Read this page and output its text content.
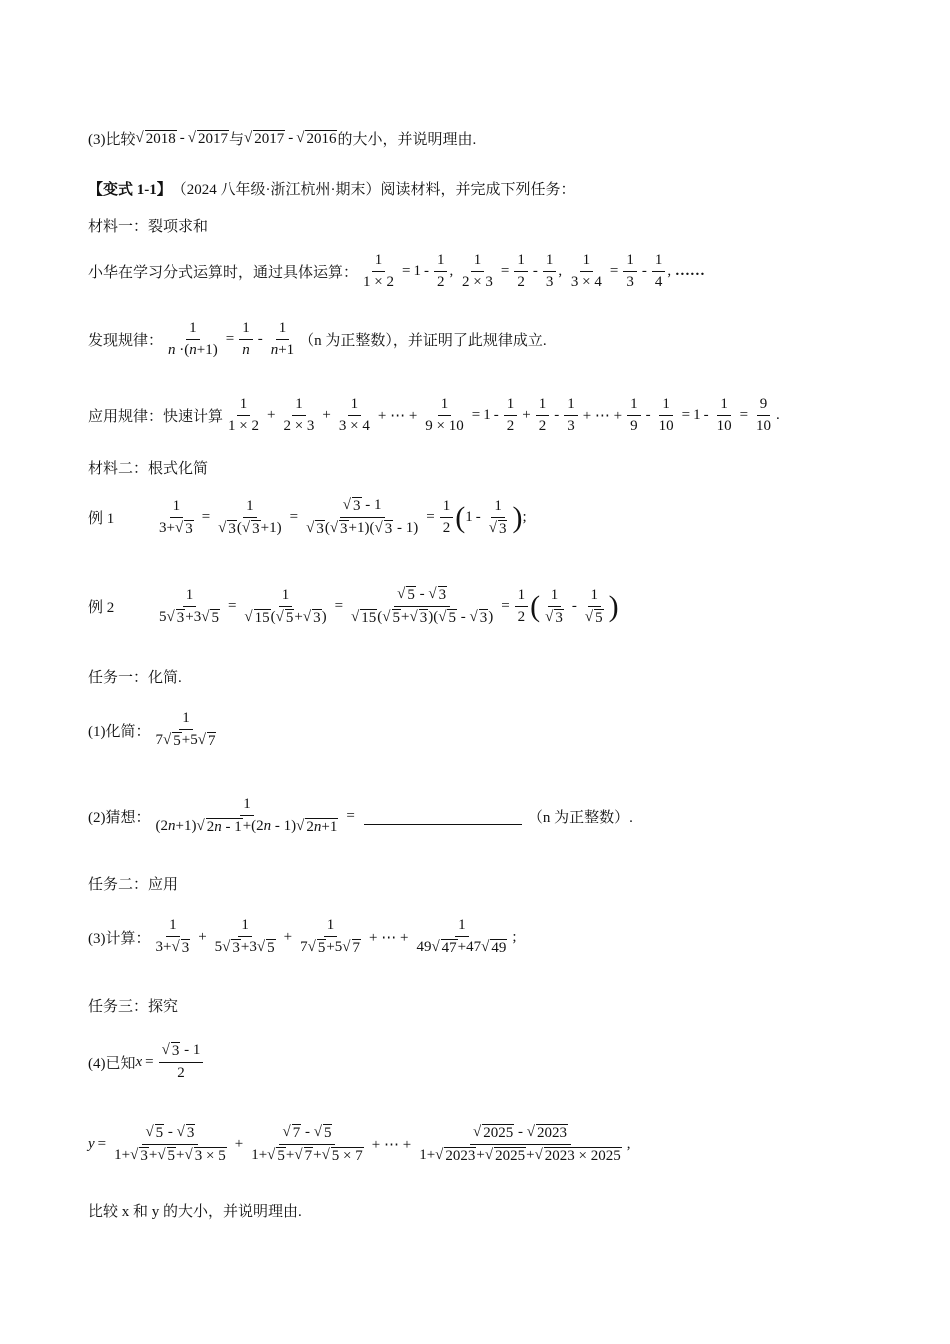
(3)比较 √ 2018 - √ 2017 与 √ 2017 - √ 2016 的大小，并说明理由.
【变式 1-1】 （2024 八年级·浙江杭州·期末）阅读材料，并完成下列任务：
材料一：裂项求和
小华在学习分式运算时，通过具体运算： $\frac{1}{1 \times 2} = 1 - \frac{1}{2}$ , $\frac{1}{2 \times 3} = \frac{1}{2} - \frac{1}{3}$ , $\frac{1}{3 \times 4} = \frac{1}{3} - \frac{1}{4}$ , ……
发现规律： $\frac{1}{n \cdot(n+1)} = \frac{1}{n} - \frac{1}{n+1} (n$ 为正整数），并证明了此规律成立.
应用规律：快速计算 $\frac{1}{1 \times 2} + \frac{1}{2 \times 3} + \frac{1}{3 \times 4}$ + ⋯ + $\frac{1}{9 \times 10} = 1 - \frac{1}{2} + \frac{1}{2} - \frac{1}{3}$ + ⋯ + $\frac{1}{9} - \frac{1}{10} = 1 - \frac{1}{10} = \frac{9}{10}$ .
材料二：根式化简
例 1	$\frac{1}{3+ √ 3} = \frac{1}{√ 3 ( √ 3 +1)} = \frac{√ 3 - 1}{√ 3 ( √ 3 +1)( √ 3 - 1)} = \frac{1}{2}$ ( $1 - \frac{1}{√ 3}$ ) ;
例 2	$\frac{1}{5 √ 3 +3 √ 5} = \frac{1}{√ 15 ( √ 5 + √ 3 )} = \frac{√ 5 - √ 3}{√ 15 ( √ 5 + √ 3 )( √ 5 - √ 3 )} = \frac{1}{2}$ ( $\frac{1}{√ 3} - \frac{1}{√ 5}$ )
任务一：化简.
(1)化简： $\frac{1}{7 √ 5 +5 √ 7}$
(2)猜想： $\frac{1}{(2n+1) √ 2n - 1 +(2n - 1) √ 2n+1}$ =	（n 为正整数）.
任务二：应用
(3)计算： $\frac{1}{3+ √ 3} + \frac{1}{5 √ 3 +3 √ 5} + \frac{1}{7 √ 5 +5 √ 7}$ + ⋯ + $\frac{1}{49 √ 47 +47 √ 49}$ ;
任务三：探究
(4)已知 $x = \frac{√ 3 - 1}{2}$
$y = \frac{√ 5 - √ 3}{1+ √ 3 + √ 5 + √ 3 \times 5} + \frac{√ 7 - √ 5}{1+ √ 5 + √ 7 + √ 5 \times 7}$ + ⋯ + $\frac{√ 2025 - √ 2023}{1+ √ 2023 + √ 2025 + √ 2023 \times 2025}$ ,
比较 x 和 y 的大小，并说明理由.
